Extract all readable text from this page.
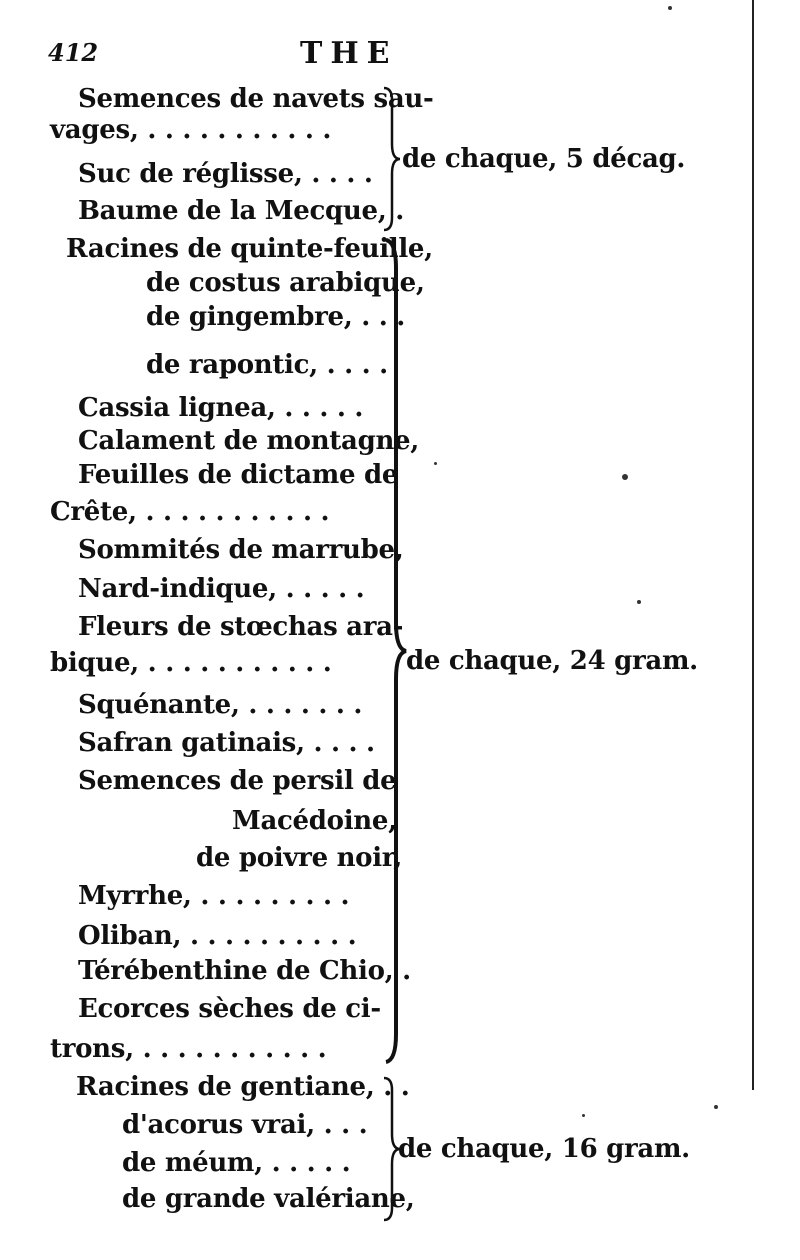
412	THE
Semences de navets sau-
vages, . . . . . . . . . . .
Suc de réglisse, . . . .
Baume de la Mecque, .
de chaque, 5 décag.
Racines de quinte-feuille,
de costus arabique,
de gingembre, . . .
de rapontic, . . . .
Cassia lignea, . . . . .
Calament de montagne,
Feuilles de dictame de
Crête, . . . . . . . . . . .
Sommités de marrube,
Nard-indique, . . . . .
Fleurs de stœchas ara-
bique, . . . . . . . . . . .
Squénante, . . . . . . .
Safran gatinais, . . . .
Semences de persil de
Macédoine,
de poivre noir,
Myrrhe, . . . . . . . . .
Oliban, . . . . . . . . . .
Térébenthine de Chio, .
Ecorces sèches de ci-
trons, . . . . . . . . . . .
de chaque, 24 gram.
Racines de gentiane, . .
d'acorus vrai, . . .
de méum, . . . . .
de grande valériane,
de chaque, 16 gram.
